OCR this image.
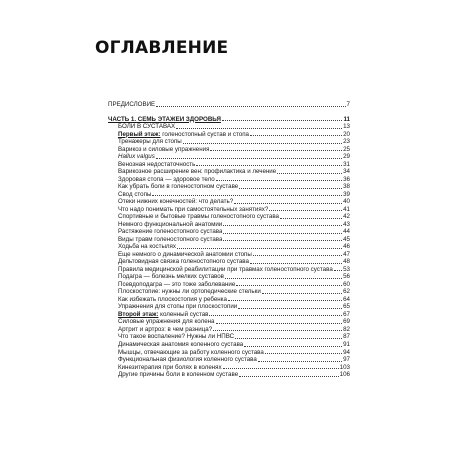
ОГЛАВЛЕНИЕ
ПРЕДИСЛОВИЕ	7
ЧАСТЬ 1. СЕМЬ ЭТАЖЕЙ ЗДОРОВЬЯ	11
БОЛИ В СУСТАВАХ	13
Первый этаж: голеностопный сустав и стопа	20
Тренажеры для стопы	23
Варикоз и силовые упражнения	25
Hallux valgus	29
Венозная недостаточность	31
Варикозное расширение вен: профилактика и лечение	34
Здоровая стопа — здоровое тело	36
Как убрать боли в голеностопном суставе	38
Свод стопы	39
Отеки нижних конечностей: что делать?	40
Что надо понимать при самостоятельных занятиях?	41
Спортивные и бытовые травмы голеностопного сустава	42
Немного функциональной анатомии	43
Растяжение голеностопного сустава	44
Виды травм голеностопного сустава	45
Ходьба на костылях	46
Еще немного о динамической анатомии стопы	47
Дельтовидная связка голеностопного сустава	48
Правила медицинской реабилитации при травмах голеностопного сустава 53
Подагра — болезнь мелких суставов	56
Псевдоподагра — это тоже заболевание	60
Плоскостопие: нужны ли ортопедические стельки	62
Как избежать плоскостопия у ребенка	64
Упражнения для стопы при плоскостопии	65
Второй этаж: коленный сустав	67
Силовые упражнения для колена	69
Артрит и артроз: в чем разница?	82
Что такое воспаление? Нужны ли НПВС	87
Динамическая анатомия коленного сустава	91
Мышцы, отвечающие за работу коленного сустава	94
Функциональная физиология коленного сустава	97
Кинезитерапия при болях в коленях	103
Другие причины боли в коленном суставе	106
